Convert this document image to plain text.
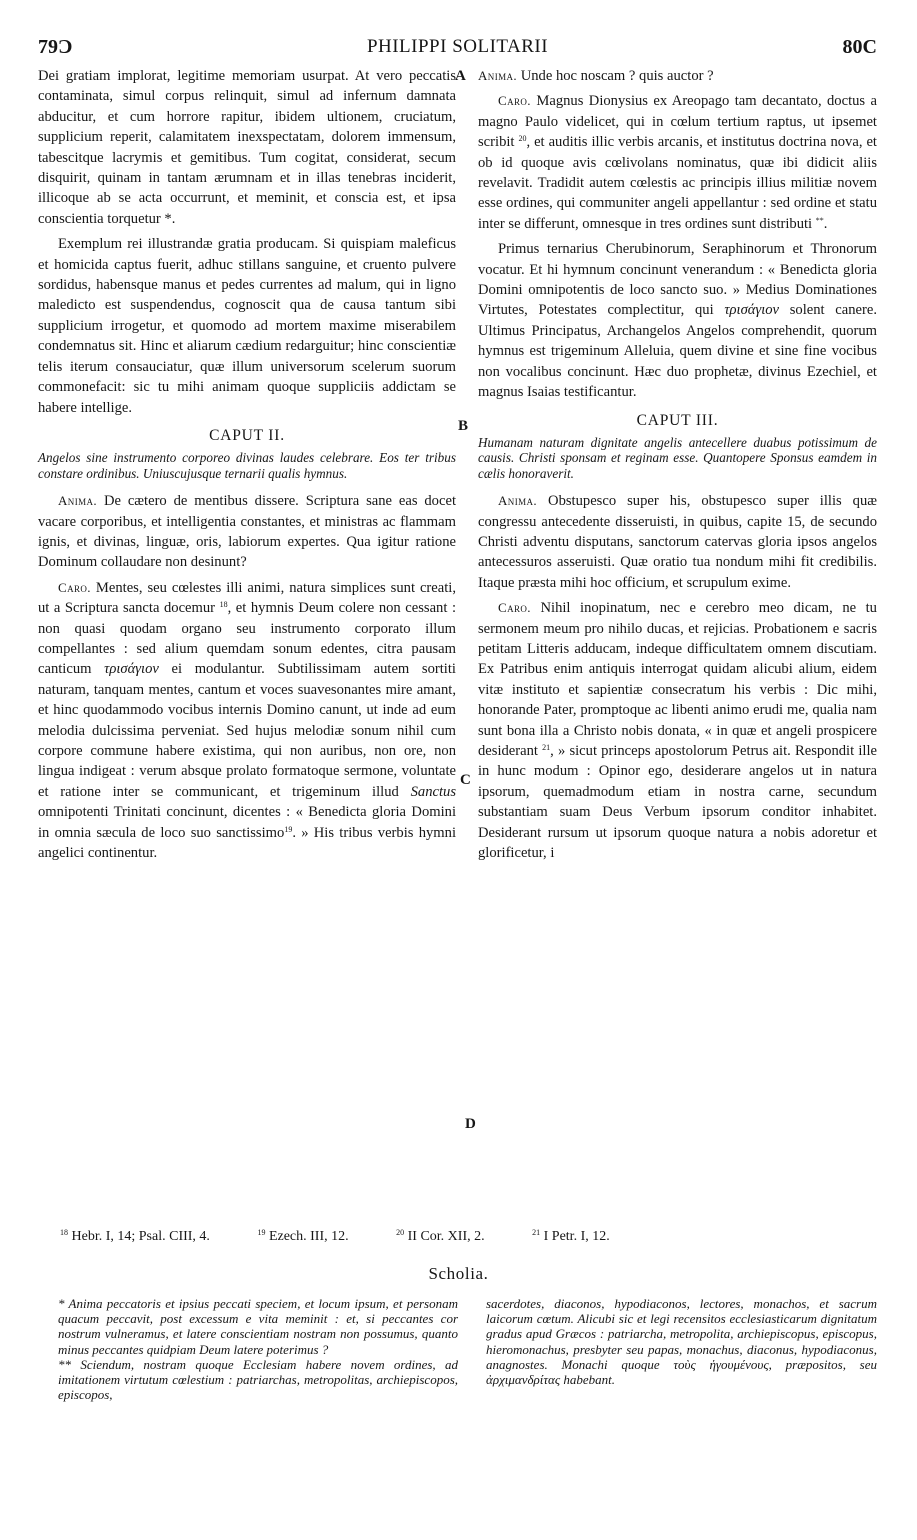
79Ɔ	PHILIPPI SOLITARII	80C
A
B
C
D

Dei gratiam implorat, legitime memoriam usurpat. At vero peccatis contaminata, simul corpus relinquit, simul ad infernum damnata abducitur, et cum horrore rapitur, ibidem ultionem, cruciatum, supplicium reperit, calamitatem inexspectatam, dolorem immensum, tabescitque lacrymis et gemitibus. Tum cogitat, considerat, secum disquirit, quinam in tantam ærumnam et in illas tenebras inciderit, illicoque ab se acta occurrunt, et meminit, et conscia est, et ipsa conscientia torquetur *.

Exemplum rei illustrandæ gratia producam. Si quispiam maleficus et homicida captus fuerit, adhuc stillans sanguine, et cruento pulvere sordidus, habensque manus et pedes currentes ad malum, qui in ligno maledicto est suspendendus, cognoscit qua de causa tantum sibi supplicium irrogetur, et quomodo ad mortem maxime miserabilem condemnatus sit. Hinc et aliarum cædium redarguitur; hinc conscientiæ telis iterum consauciatur, quæ illum universorum scelerum suorum commonefacit: sic tu mihi animam quoque suppliciis addictam se habere intellige.

CAPUT II.
Angelos sine instrumento corporeo divinas laudes celebrare. Eos ter tribus constare ordinibus. Uniuscujusque ternarii qualis hymnus.

Anima. De cætero de mentibus dissere. Scriptura sane eas docet vacare corporibus, et intelligentia constantes, et ministras ac flammam ignis, et divinas, linguæ, oris, labiorum expertes. Qua igitur ratione Dominum collaudare non desinunt?

Caro. Mentes, seu cœlestes illi animi, natura simplices sunt creati, ut a Scriptura sancta docemur $^{18}$, et hymnis Deum colere non cessant : non quasi quodam organo seu instrumento corporato illum compellantes : sed alium quemdam sonum edentes, citra pausam canticum τρισάγιον ei modulantur. Subtilissimam autem sortiti naturam, tanquam mentes, cantum et voces suavesonantes mire amant, et hinc quodammodo vocibus internis Domino canunt, ut inde ad eum melodia dulcissima perveniat. Sed hujus melodiæ sonum nihil cum corpore commune habere existima, qui non auribus, non ore, non lingua indigeat : verum absque prolato formatoque sermone, voluntate et ratione inter se communicant, et trigeminum illud Sanctus omnipotenti Trinitati concinunt, dicentes : « Benedicta gloria Domini in omnia sæcula de loco suo sanctissimo$^{19}$. » His tribus verbis hymni angelici continentur.

Anima. Unde hoc noscam ? quis auctor ?

Caro. Magnus Dionysius ex Areopago tam decantato, doctus a magno Paulo videlicet, qui in cœlum tertium raptus, ut ipsemet scribit $^{20}$, et auditis illic verbis arcanis, et institutus doctrina nova, et ob id quoque avis cœlivolans nominatus, quæ ibi didicit aliis revelavit. Tradidit autem cœlestis ac principis illius militiæ novem esse ordines, qui communiter angeli appellantur : sed ordine et statu inter se differunt, omnesque in tres ordines sunt distributi **.

Primus ternarius Cherubinorum, Seraphinorum et Thronorum vocatur. Et hi hymnum concinunt venerandum : « Benedicta gloria Domini omnipotentis de loco sancto suo. » Medius Dominationes Virtutes, Potestates complectitur, qui τρισάγιον solent canere. Ultimus Principatus, Archangelos Angelos comprehendit, quorum hymnus est trigeminum Alleluia, quem divine et sine fine vocibus non vocalibus concinunt. Hæc duo prophetæ, divinus Ezechiel, et magnus Isaias testificantur.

CAPUT III.
Humanam naturam dignitate angelis antecellere duabus potissimum de causis. Christi sponsam et reginam esse. Quantopere Sponsus eamdem in cælis honoraverit.

Anima. Obstupesco super his, obstupesco super illis quæ congressu antecedente disseruisti, in quibus, capite 15, de secundo Christi adventu disputans, sanctorum catervas gloria ipsos angelos antecessuros asseruisti. Quæ oratio tua nondum mihi fit credibilis. Itaque præsta mihi hoc officium, et scrupulum exime.

Caro. Nihil inopinatum, nec e cerebro meo dicam, ne tu sermonem meum pro nihilo ducas, et rejicias. Probationem e sacris petitam Litteris adducam, indeque difficultatem omnem discutiam. Ex Patribus enim antiquis interrogat quidam alicubi alium, eidem vitæ instituto et sapientiæ consecratum his verbis : Dic mihi, honorande Pater, promptoque ac libenti animo erudi me, qualia nam sunt bona illa a Christo nobis donata, « in quæ et angeli prospicere desiderant $^{21}$, » sicut princeps apostolorum Petrus ait. Respondit ille in hunc modum : Opinor ego, desiderare angelos ut in natura ipsorum, quemadmodum etiam in nostra carne, secundum substantiam suam Deus Verbum ipsorum conditor inhabitet. Desiderant rursum ut ipsorum quoque natura a nobis adoretur et glorificetur, i

$^{18}$ Hebr. I, 14; Psal. CIII, 4.	$^{19}$ Ezech. III, 12.	$^{20}$ II Cor. XII, 2.	$^{21}$ I Petr. I, 12.
Scholia.

* Anima peccatoris et ipsius peccati speciem, et locum ipsum, et personam quacum peccavit, post excessum e vita meminit : et, si peccantes cor nostrum vulneramus, et latere conscientiam nostram non possumus, quanto minus peccantes quidpiam Deum latere poterimus ?

** Sciendum, nostram quoque Ecclesiam habere novem ordines, ad imitationem virtutum cœlestium : patriarchas, metropolitas, archiepiscopos, episcopos,

sacerdotes, diaconos, hypodiaconos, lectores, monachos, et sacrum laicorum cœtum. Alicubi sic et legi recensitos ecclesiasticarum dignitatum gradus apud Græcos : patriarcha, metropolita, archiepiscopus, episcopus, hieromonachus, presbyter seu papas, monachus, diaconus, hypodiaconus, anagnostes. Monachi quoque τοὺς ἡγουμένους, præpositos, seu ἀρχιμανδρίτας habebant.
